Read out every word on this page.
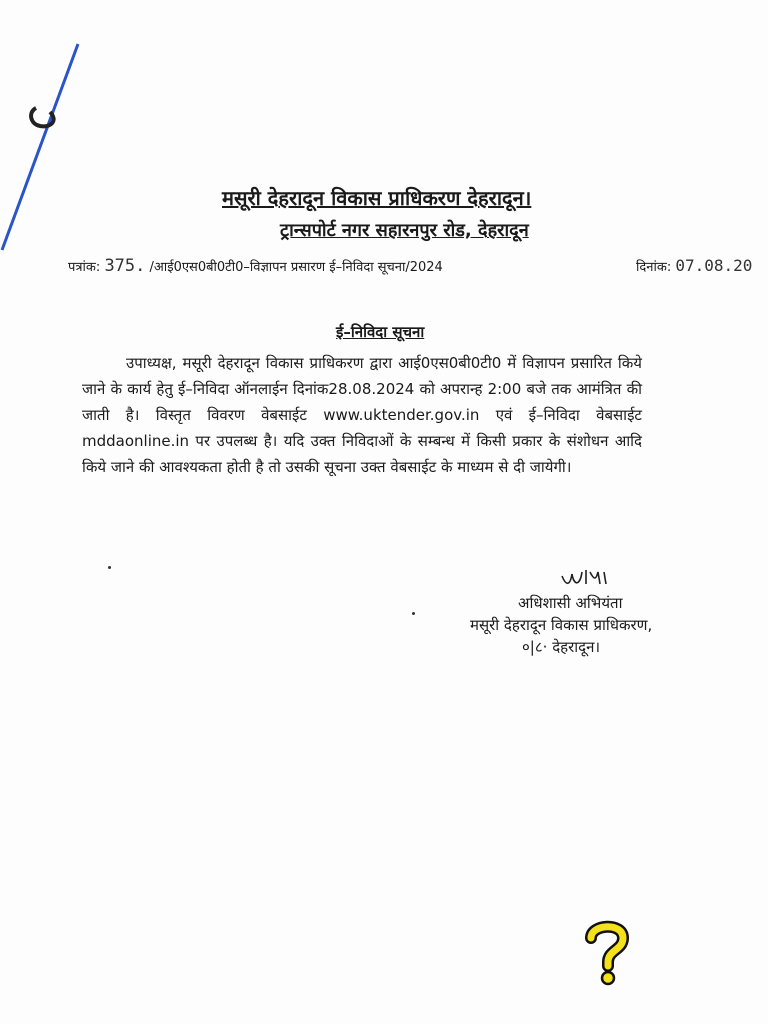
मसूरी देहरादून विकास प्राधिकरण देहरादून।
ट्रान्सपोर्ट नगर सहारनपुर रोड, देहरादून
पत्रांक: 375. /आई0एस0बी0टी0–विज्ञापन प्रसारण ई–निविदा सूचना/2024	दिनांक: 07.08.20
ई–निविदा सूचना
उपाध्यक्ष, मसूरी देहरादून विकास प्राधिकरण द्वारा आई0एस0बी0टी0 में विज्ञापन प्रसारित किये जाने के कार्य हेतु ई–निविदा ऑनलाईन दिनांक28.08.2024 को अपरान्ह 2:00 बजे तक आमंत्रित की जाती है। विस्तृत विवरण वेबसाईट www.uktender.gov.in एवं ई–निविदा वेबसाईट mddaonline.in पर उपलब्ध है। यदि उक्त निविदाओं के सम्बन्ध में किसी प्रकार के संशोधन आदि किये जाने की आवश्यकता होती है तो उसकी सूचना उक्त वेबसाईट के माध्यम से दी जायेगी।
अधिशासी अभियंता
मसूरी देहरादून विकास प्राधिकरण,
०|८· देहरादून।
